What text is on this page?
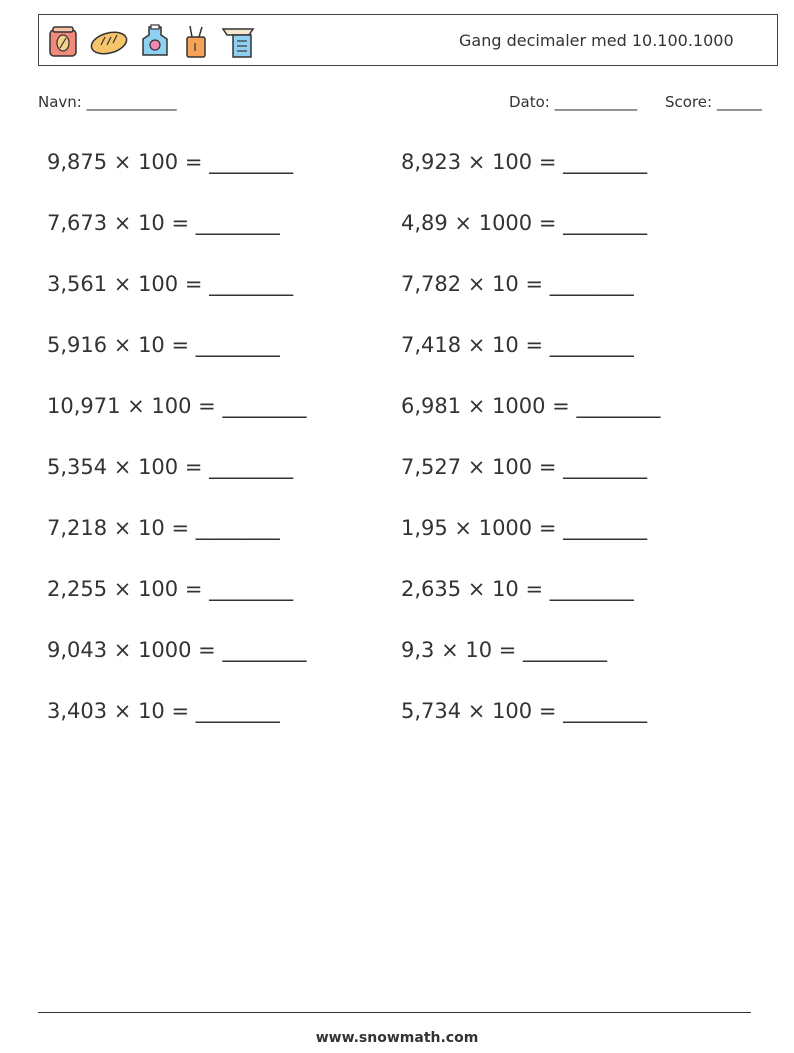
Gang decimaler med 10.100.1000
Navn: ____________	Dato: ___________ Score: ______
9,875 × 100 = ________	8,923 × 100 = ________
7,673 × 10 = ________	4,89 × 1000 = ________
3,561 × 100 = ________	7,782 × 10 = ________
5,916 × 10 = ________	7,418 × 10 = ________
10,971 × 100 = ________	6,981 × 1000 = ________
5,354 × 100 = ________	7,527 × 100 = ________
7,218 × 10 = ________	1,95 × 1000 = ________
2,255 × 100 = ________	2,635 × 10 = ________
9,043 × 1000 = ________	9,3 × 10 = ________
3,403 × 10 = ________	5,734 × 100 = ________
www.snowmath.com
